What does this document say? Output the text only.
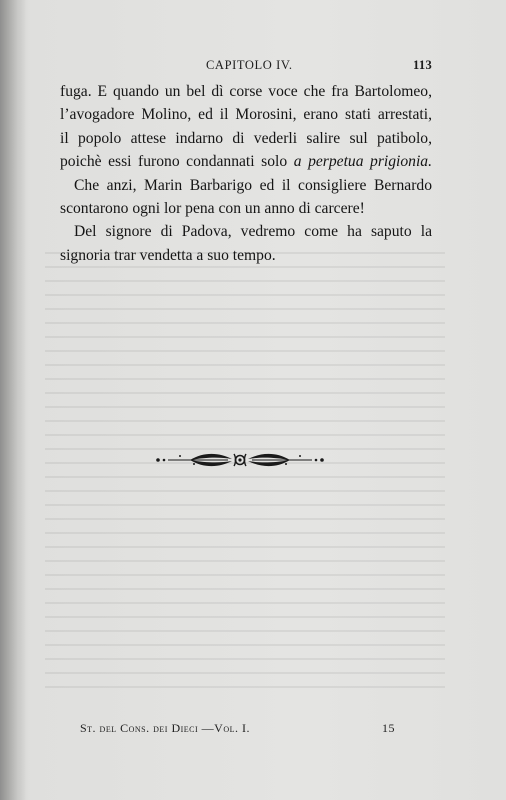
CAPITOLO IV.	113
fuga. E quando un bel dì corse voce che fra Bartolomeo,
l’avogadore Molino, ed il Morosini, erano stati arrestati,
il popolo attese indarno di vederli salire sul patibolo,
poichè essi furono condannati solo a perpetua prigionia.
Che anzi, Marin Barbarigo ed il consigliere Bernardo
scontarono ogni lor pena con un anno di carcere!
Del signore di Padova, vedremo come ha saputo la
signoria trar vendetta a suo tempo.
St. del Cons. dei Dieci —Vol. I.	15
